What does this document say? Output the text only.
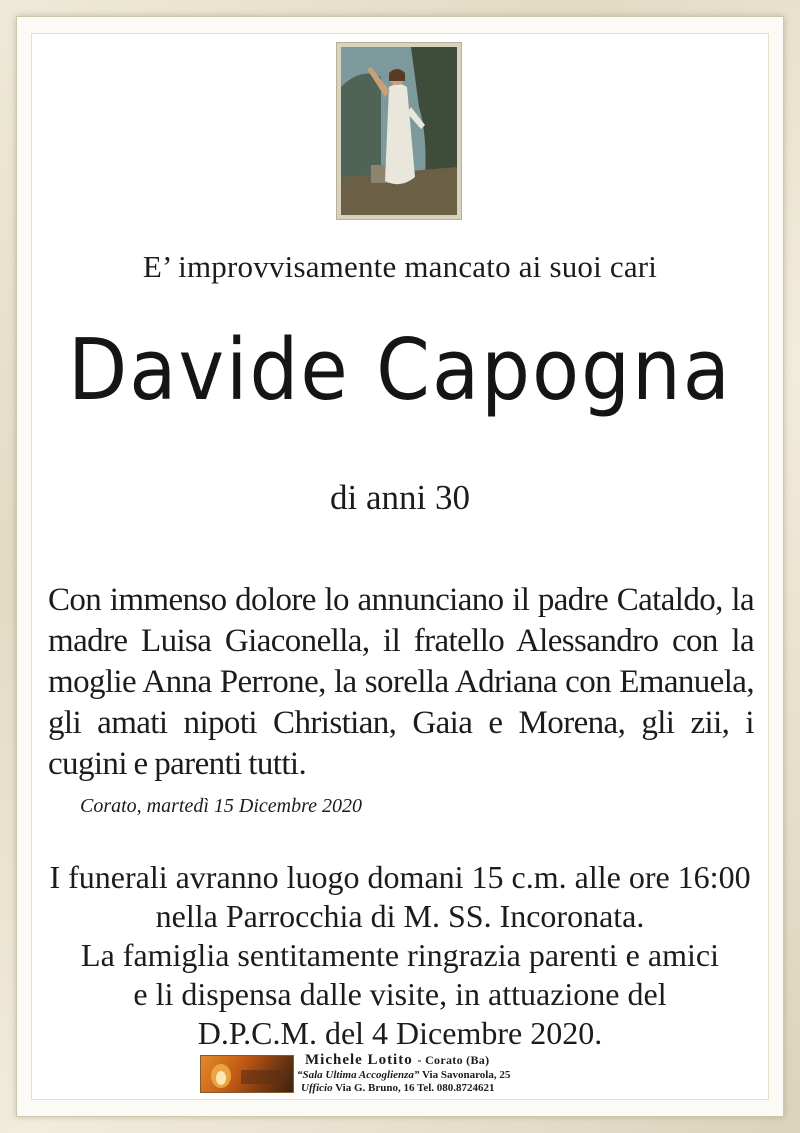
E’ improvvisamente mancato ai suoi cari
Davide Capogna
di anni 30
Con immenso dolore lo annunciano il padre Cataldo, la madre Luisa Giaconella, il fratello Alessandro con la moglie Anna Perrone, la sorella Adriana con Emanuela, gli amati nipoti Christian, Gaia e Morena, gli zii, i cugini e parenti tutti.
Corato, martedì 15 Dicembre 2020
I funerali avranno luogo domani 15 c.m. alle ore 16:00
nella Parrocchia di M. SS. Incoronata.
La famiglia sentitamente ringrazia parenti e amici
e li dispensa dalle visite, in attuazione del
D.P.C.M. del 4 Dicembre 2020.
Michele Lotito - Corato (Ba)
“Sala Ultima Accoglienza” Via Savonarola, 25
Ufficio Via G. Bruno, 16 Tel. 080.8724621
